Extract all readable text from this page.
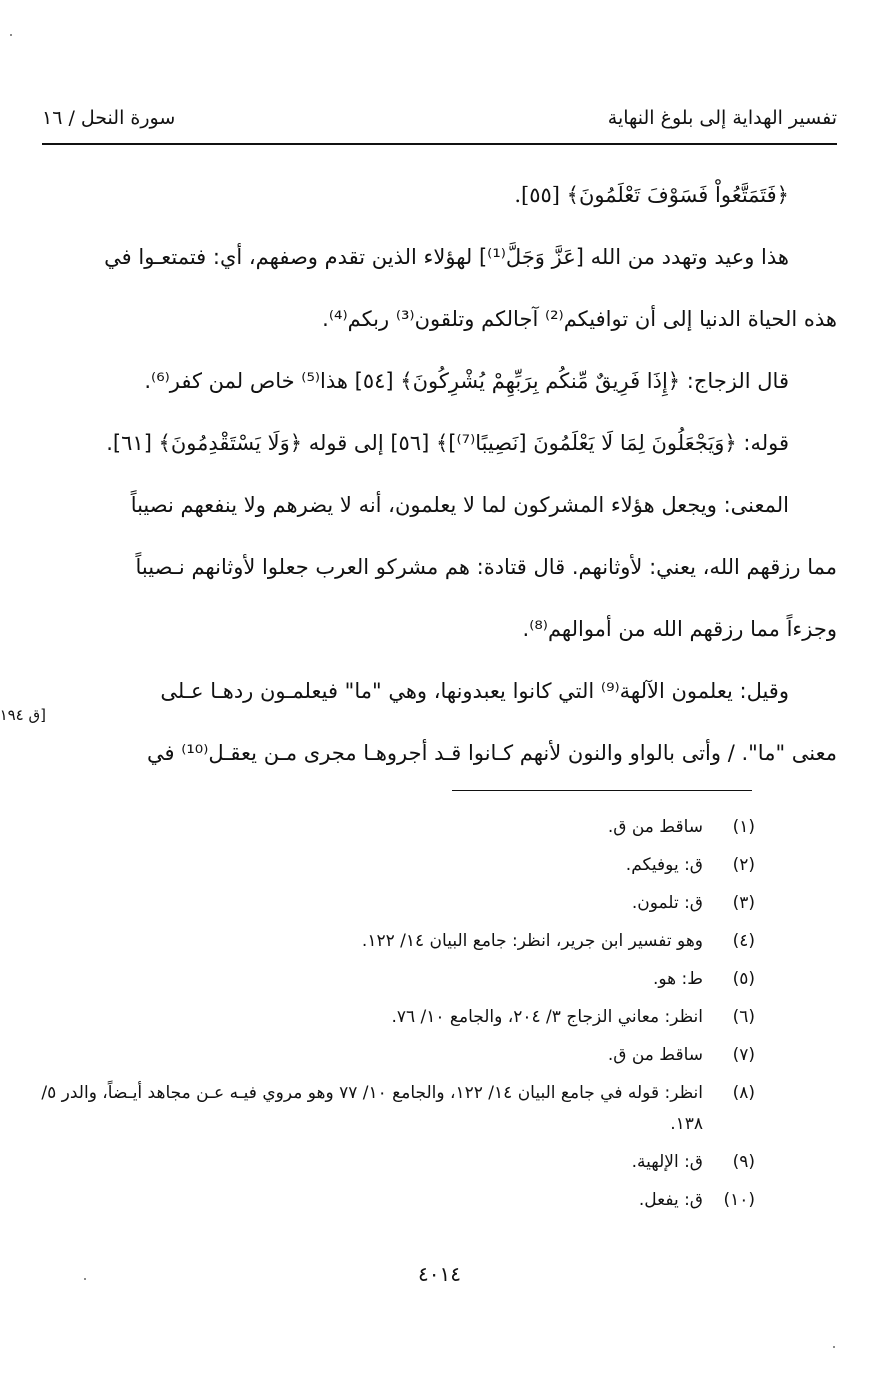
تفسير الهداية إلى بلوغ النهاية
سورة النحل / ١٦
﴿فَتَمَتَّعُواْ فَسَوْفَ تَعْلَمُونَ﴾ [٥٥].
هذا وعيد وتهدد من الله [عَزَّ وَجَلَّ⁽¹⁾] لهؤلاء الذين تقدم وصفهم، أي: فتمتعـوا في
هذه الحياة الدنيا إلى أن توافيكم⁽²⁾ آجالكم وتلقون⁽³⁾ ربكم⁽⁴⁾.
قال الزجاج: ﴿إِذَا فَرِيقٌ مِّنكُم بِرَبِّهِمْ يُشْرِكُونَ﴾ [٥٤] هذا⁽⁵⁾ خاص لمن كفر⁽⁶⁾.
قوله: ﴿وَيَجْعَلُونَ لِمَا لَا يَعْلَمُونَ [نَصِيبًا⁽⁷⁾]﴾ [٥٦] إلى قوله ﴿وَلَا يَسْتَقْدِمُونَ﴾ [٦١].
المعنى: ويجعل هؤلاء المشركون لما لا يعلمون، أنه لا يضرهم ولا ينفعهم نصيباً
مما رزقهم الله، يعني: لأوثانهم. قال قتادة: هم مشركو العرب جعلوا لأوثانهم نـصيباً
وجزءاً مما رزقهم الله من أموالهم⁽⁸⁾.
وقيل: يعلمون الآلهة⁽⁹⁾ التي كانوا يعبدونها، وهي "ما" فيعلمـون ردهـا عـلى
معنى "ما". / وأتى بالواو والنون لأنهم كـانوا قـد أجروهـا مجرى مـن يعقـل⁽¹⁰⁾ في
[ق ١٩٤
(١)
ساقط من ق.
(٢)
ق: يوفيكم.
(٣)
ق: تلمون.
(٤)
وهو تفسير ابن جرير، انظر: جامع البيان ١٤/ ١٢٢.
(٥)
ط: هو.
(٦)
انظر: معاني الزجاج ٣/ ٢٠٤، والجامع ١٠/ ٧٦.
(٧)
ساقط من ق.
(٨)
انظر: قوله في جامع البيان ١٤/ ١٢٢، والجامع ١٠/ ٧٧ وهو مروي فيـه عـن مجاهد أيـضاً، والدر ٥/ ١٣٨.
(٩)
ق: الإلهية.
(١٠)
ق: يفعل.
٤٠١٤
